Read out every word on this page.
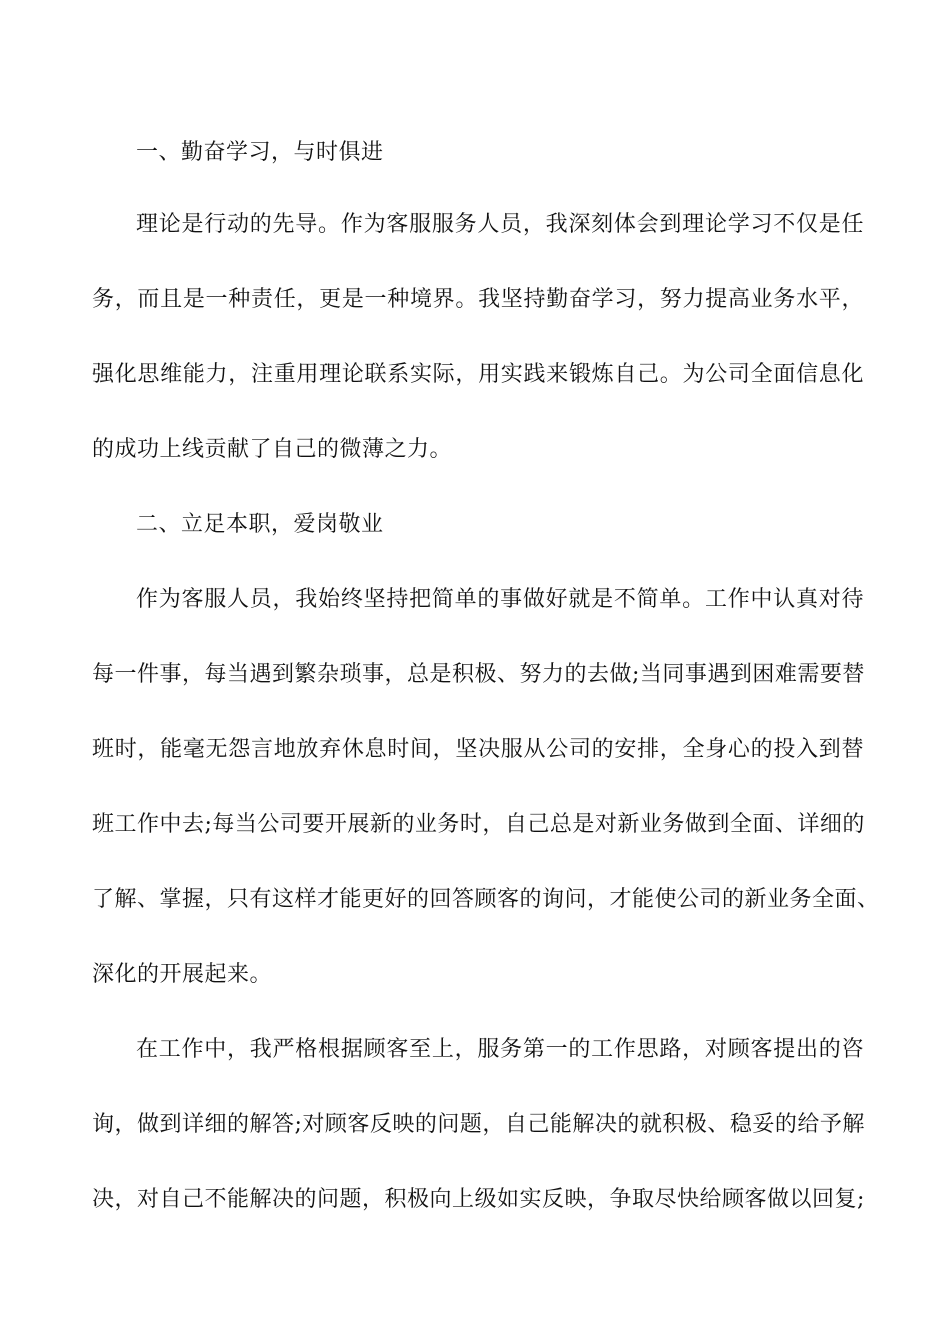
一、勤奋学习，与时俱进
理论是行动的先导。作为客服服务人员，我深刻体会到理论学习不仅是任
务，而且是一种责任，更是一种境界。我坚持勤奋学习，努力提高业务水平，
强化思维能力，注重用理论联系实际，用实践来锻炼自己。为公司全面信息化
的成功上线贡献了自己的微薄之力。
二、立足本职，爱岗敬业
作为客服人员，我始终坚持把简单的事做好就是不简单。工作中认真对待
每一件事，每当遇到繁杂琐事，总是积极、努力的去做;当同事遇到困难需要替
班时，能毫无怨言地放弃休息时间，坚决服从公司的安排，全身心的投入到替
班工作中去;每当公司要开展新的业务时，自己总是对新业务做到全面、详细的
了解、掌握，只有这样才能更好的回答顾客的询问，才能使公司的新业务全面、
深化的开展起来。
在工作中，我严格根据顾客至上，服务第一的工作思路，对顾客提出的咨
询，做到详细的解答;对顾客反映的问题，自己能解决的就积极、稳妥的给予解
决，对自己不能解决的问题，积极向上级如实反映，争取尽快给顾客做以回复;
